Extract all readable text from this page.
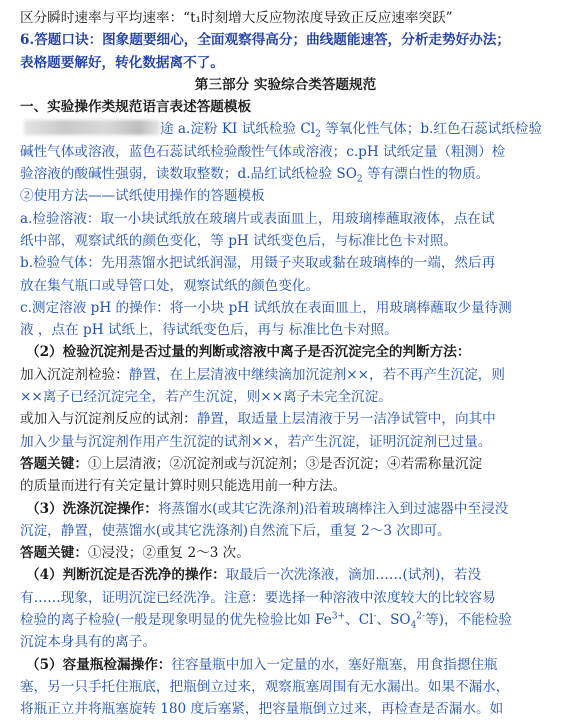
区分瞬时速率与平均速率：“t₁时刻增大反应物浓度导致正反应速率突跃”

6.答题口诀：图象题要细心，全面观察得高分；曲线题能速答，分析走势好办法；

表格题要解好，转化数据离不了。

第三部分 实验综合类答题规范

一、实验操作类规范语言表述答题模板

途 a.淀粉 KI 试纸检验 $Cl_2$ 等氧化性气体；b.红色石蕊试纸检验

碱性气体或溶液，蓝色石蕊试纸检验酸性气体或溶液；c.pH 试纸定量（粗测）检

验溶液的酸碱性强弱，读数取整数；d.品红试纸检验 $SO_2$ 等有漂白性的物质。

②使用方法——试纸使用操作的答题模板

a.检验溶液：取一小块试纸放在玻璃片或表面皿上，用玻璃棒蘸取液体，点在试

纸中部，观察试纸的颜色变化，等 pH 试纸变色后，与标准比色卡对照。

b.检验气体：先用蒸馏水把试纸润湿，用镊子夹取或黏在玻璃棒的一端，然后再

放在集气瓶口或导管口处，观察试纸的颜色变化。

c.测定溶液 pH 的操作：将一小块 pH 试纸放在表面皿上，用玻璃棒蘸取少量待测

液 ，点在 pH 试纸上，待试纸变色后，再与 标准比色卡对照。

（2）检验沉淀剂是否过量的判断或溶液中离子是否沉淀完全的判断方法：

加入沉淀剂检验：静置，在上层清液中继续滴加沉淀剂××，若不再产生沉淀，则

××离子已经沉淀完全，若产生沉淀，则××离子未完全沉淀。

或加入与沉淀剂反应的试剂：静置，取适量上层清液于另一洁净试管中，向其中

加入少量与沉淀剂作用产生沉淀的试剂××，若产生沉淀，证明沉淀剂已过量。

答题关键：①上层清液；②沉淀剂或与沉淀剂；③是否沉淀；④若需称量沉淀

的质量而进行有关定量计算时则只能选用前一种方法。

（3）洗涤沉淀操作：将蒸馏水(或其它洗涤剂)沿着玻璃棒注入到过滤器中至浸没

沉淀，静置，使蒸馏水(或其它洗涤剂)自然流下后，重复 2～3 次即可。

答题关键：①浸没；②重复 2～3 次。

（4）判断沉淀是否洗净的操作：取最后一次洗涤液，滴加……(试剂)，若没

有……现象，证明沉淀已经洗净。注意：要选择一种溶液中浓度较大的比较容易

检验的离子检验(一般是现象明显的优先检验比如 $Fe^{3+}$、Cl-、$SO_4^{2-}$等)，不能检验

沉淀本身具有的离子。

（5）容量瓶检漏操作：往容量瓶中加入一定量的水，塞好瓶塞，用食指摁住瓶

塞，另一只手托住瓶底，把瓶倒立过来，观察瓶塞周围有无水漏出。如果不漏水，

将瓶正立并将瓶塞旋转 180 度后塞紧，把容量瓶倒立过来，再检查是否漏水。如
